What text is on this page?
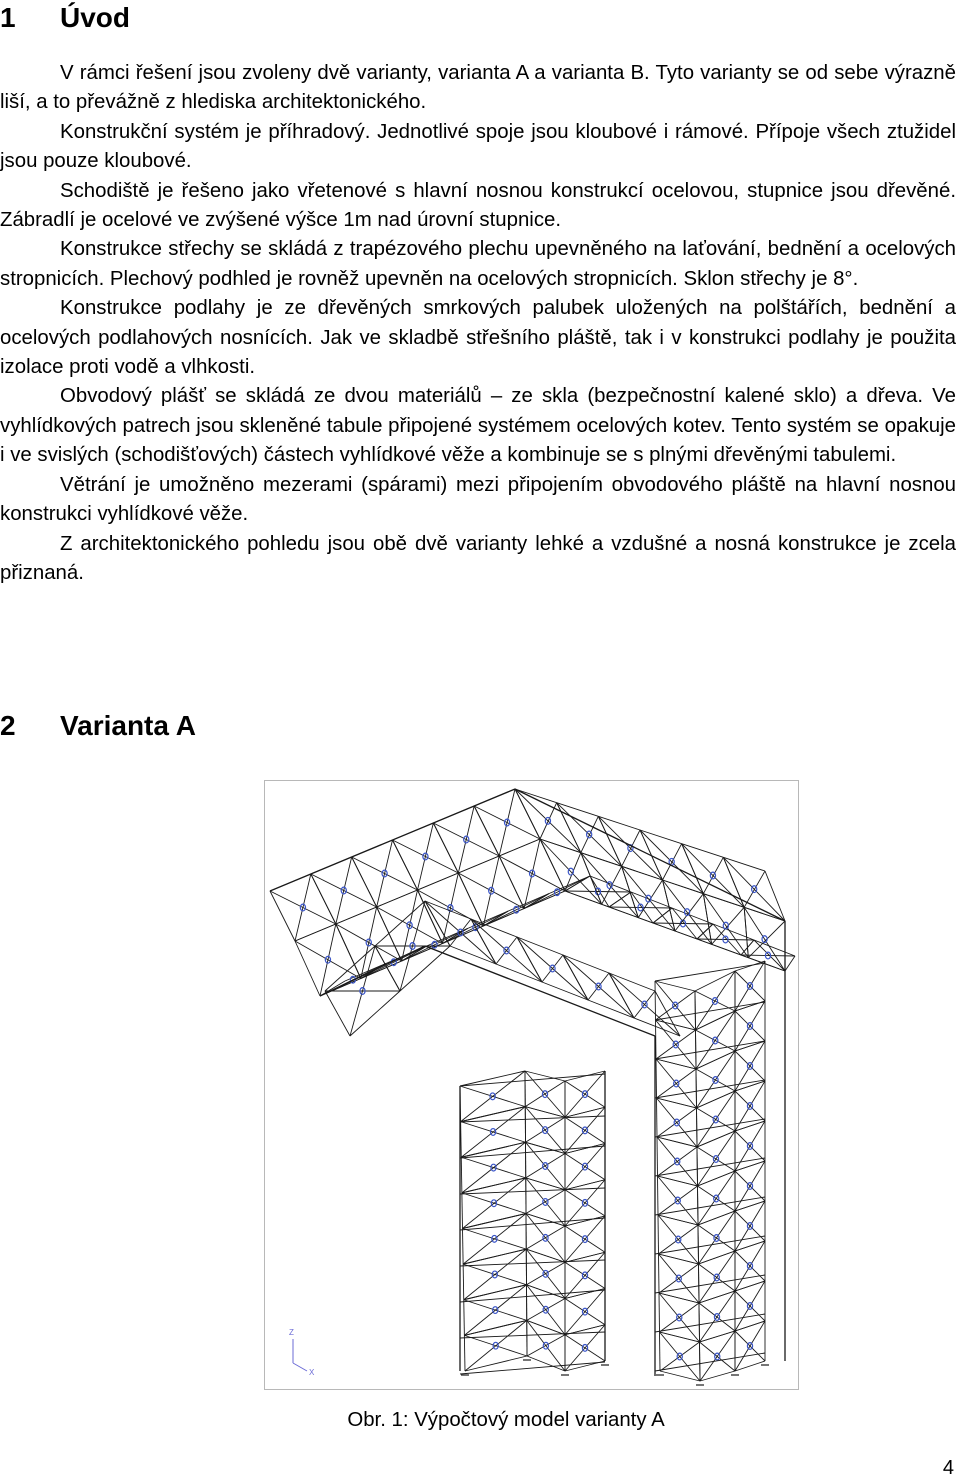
1 Úvod

V rámci řešení jsou zvoleny dvě varianty, varianta A a varianta B. Tyto varianty se od sebe výrazně liší, a to převážně z hlediska architektonického.

Konstrukční systém je příhradový. Jednotlivé spoje jsou kloubové i rámové. Přípoje všech ztužidel jsou pouze kloubové.

Schodiště je řešeno jako vřetenové s hlavní nosnou konstrukcí ocelovou, stupnice jsou dřevěné. Zábradlí je ocelové ve zvýšené výšce 1m nad úrovní stupnice.

Konstrukce střechy se skládá z trapézového plechu upevněného na laťování, bednění a ocelových stropnicích. Plechový podhled je rovněž upevněn na ocelových stropnicích. Sklon střechy je 8°.

Konstrukce podlahy je ze dřevěných smrkových palubek uložených na polštářích, bednění a ocelových podlahových nosnících. Jak ve skladbě střešního pláště, tak i v konstrukci podlahy je použita izolace proti vodě a vlhkosti.

Obvodový plášť se skládá ze dvou materiálů – ze skla (bezpečnostní kalené sklo) a dřeva. Ve vyhlídkových patrech jsou skleněné tabule připojené systémem ocelových kotev. Tento systém se opakuje i ve svislých (schodišťových) částech vyhlídkové věže a kombinuje se s plnými dřevěnými tabulemi.

Větrání je umožněno mezerami (spárami) mezi připojením obvodového pláště na hlavní nosnou konstrukci vyhlídkové věže.

Z architektonického pohledu jsou obě dvě varianty lehké a vzdušné a nosná konstrukce je zcela přiznaná.

2 Varianta A
Z
X
Obr. 1: Výpočtový model varianty A
4
